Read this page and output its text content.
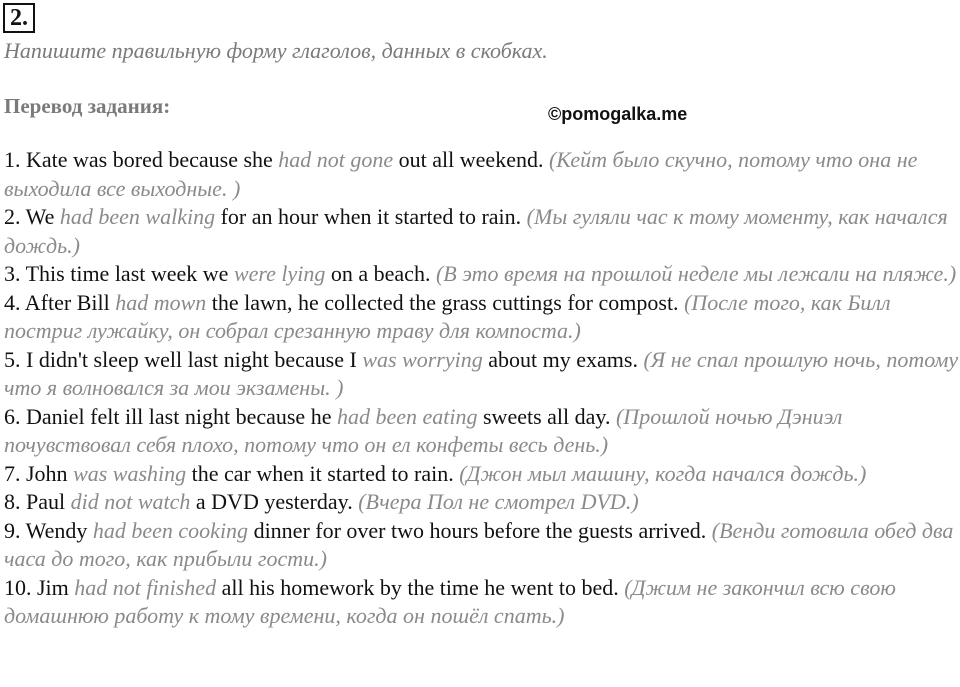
2.
Напишите правильную форму глаголов, данных в скобках.
Перевод задания:	©pomogalka.me
1. Kate was bored because she had not gone out all weekend. (Кейт было скучно, потому что она не выходила все выходные. )
2. We had been walking for an hour when it started to rain. (Мы гуляли час к тому моменту, как начался дождь.)
3. This time last week we were lying on a beach. (В это время на прошлой неделе мы лежали на пляже.)
4. After Bill had mown the lawn, he collected the grass cuttings for compost. (После того, как Билл постриг лужайку, он собрал срезанную траву для компоста.)
5. I didn't sleep well last night because I was worrying about my exams. (Я не спал прошлую ночь, потому что я волновался за мои экзамены. )
6. Daniel felt ill last night because he had been eating sweets all day. (Прошлой ночью Дэниэл почувствовал себя плохо, потому что он ел конфеты весь день.)
7. John was washing the car when it started to rain. (Джон мыл машину, когда начался дождь.)
8. Paul did not watch a DVD yesterday. (Вчера Пол не смотрел DVD.)
9. Wendy had been cooking dinner for over two hours before the guests arrived. (Венди готовила обед два часа до того, как прибыли гости.)
10. Jim had not finished all his homework by the time he went to bed. (Джим не закончил всю свою домашнюю работу к тому времени, когда он пошёл спать.)
